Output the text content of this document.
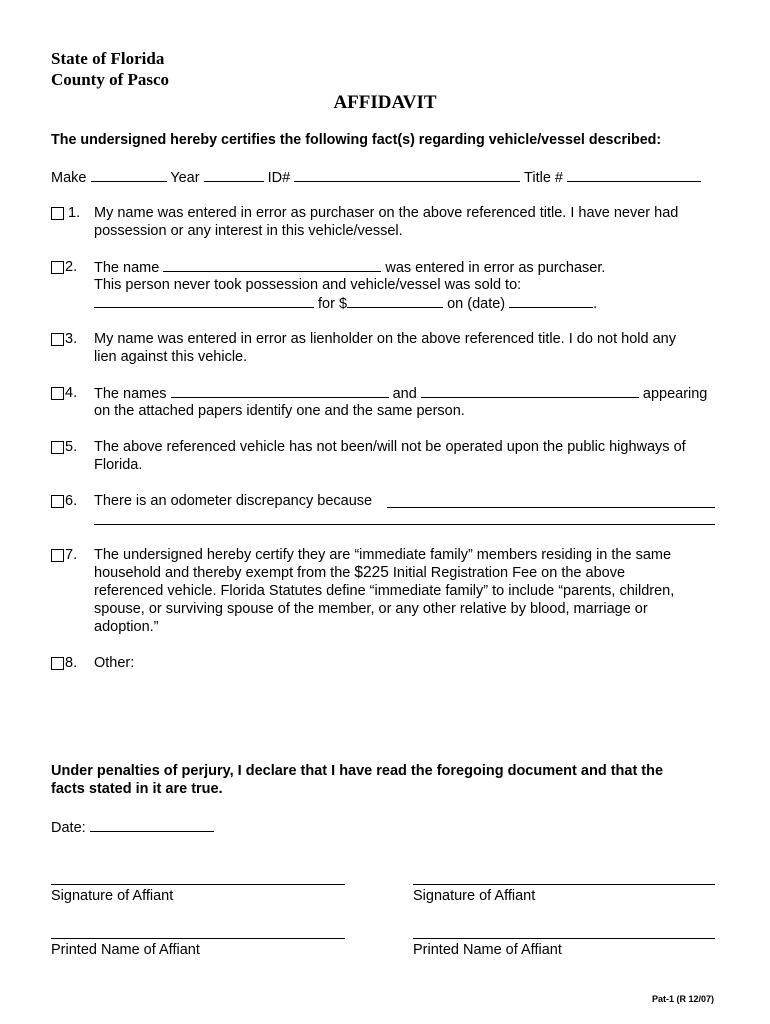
State of Florida
County of Pasco
AFFIDAVIT
The undersigned hereby certifies the following fact(s) regarding vehicle/vessel described:
Make	Year	ID#	Title #
1. My name was entered in error as purchaser on the above referenced title. I have never had
possession or any interest in this vehicle/vessel.
2. The name	was entered in error as purchaser.
This person never took possession and vehicle/vessel was sold to:
for $	on (date)	.
3. My name was entered in error as lienholder on the above referenced title. I do not hold any
lien against this vehicle.
4. The names	and	appearing
on the attached papers identify one and the same person.
5. The above referenced vehicle has not been/will not be operated upon the public highways of
Florida.
6. There is an odometer discrepancy because
7. The undersigned hereby certify they are “immediate family” members residing in the same
household and thereby exempt from the $225 Initial Registration Fee on the above
referenced vehicle. Florida Statutes define “immediate family” to include “parents, children,
spouse, or surviving spouse of the member, or any other relative by blood, marriage or
adoption.”
8. Other:
Under penalties of perjury, I declare that I have read the foregoing document and that the
facts stated in it are true.
Date:
Signature of Affiant	Signature of Affiant
Printed Name of Affiant	Printed Name of Affiant
Pat-1 (R 12/07)
